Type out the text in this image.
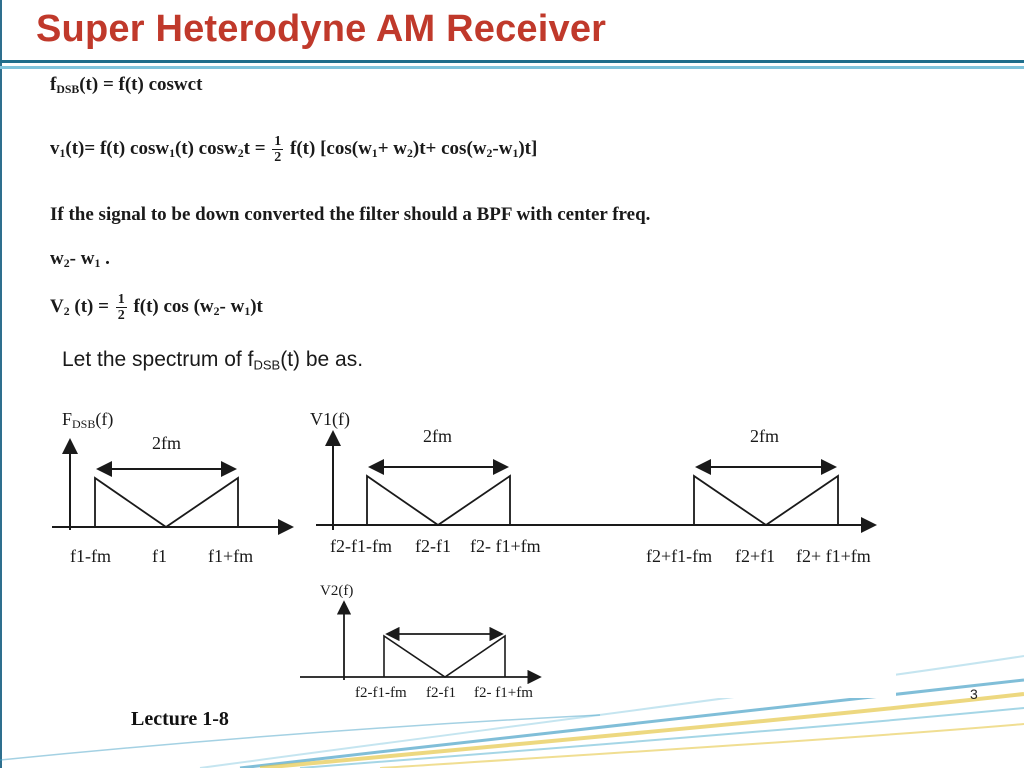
Super Heterodyne AM Receiver
$f_{DSB}(t) = f(t)$ coswct
$v_1(t)= f(t)$ cosw$_1$(t) $\cos w_2t = \frac{1}{2} f(t)$ $[\cos(w_1+ w_2)t+ \cos(w_2-w_1)t]$
If the signal to be down converted the filter should a BPF with center freq.
$w_2-$ $w_1$ .
$V_2$ $(t) = \frac{1}{2} f(t)$ $\cos (w_2-$ $w_1)t$
Let the spectrum of $f_{DSB}(t)$ be as.
FDSB(f)
2fm
f1-fm f1 f1+fm
V1(f)
2fm	2fm
f2-f1-fm f2-f1 f2- f1+fm	f2+f1-fm f2+f1 f2+ f1+fm
V2(f)
f2-f1-fm f2-f1 f2- f1+fm	3
Lecture 1-8
